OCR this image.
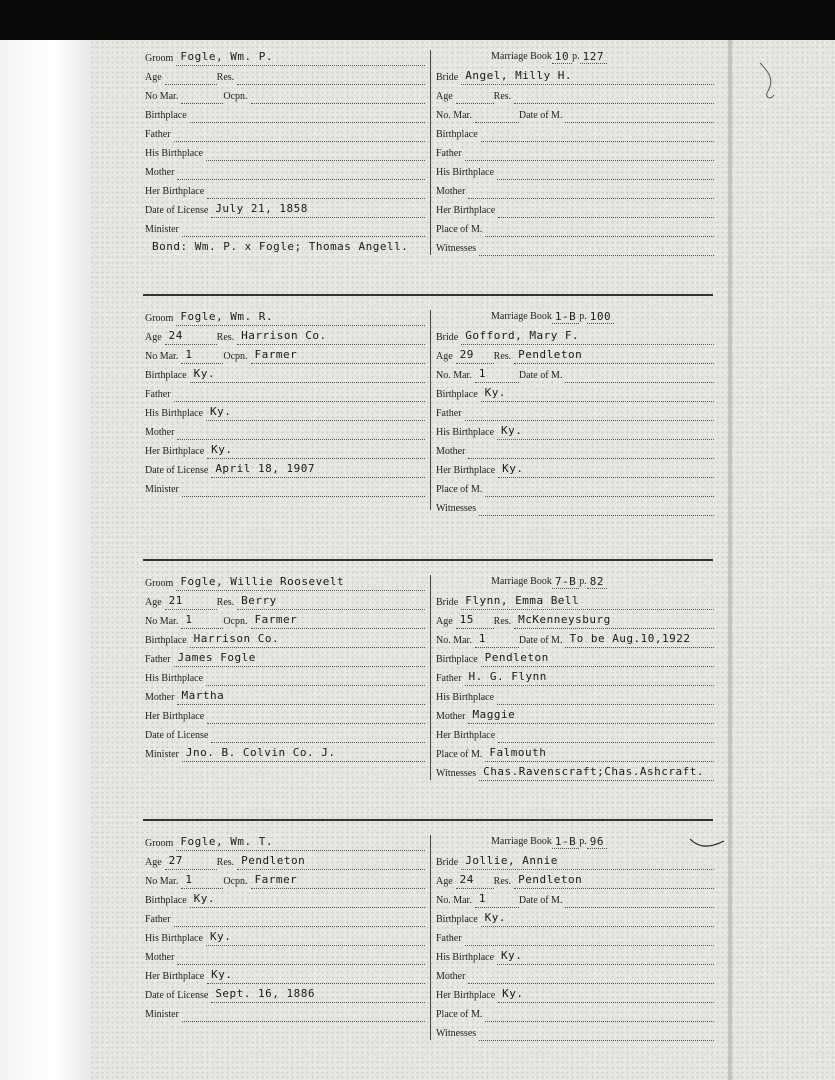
Groom Fogle, Wm. P.
Age	Res.
No Mar.	Ocpn.
Birthplace
Father
His Birthplace
Mother
Her Birthplace
Date of License July 21, 1858
Minister
Marriage Book 10 p. 127
Bride Angel, Milly H.
Age	Res.
No. Mar.	Date of M.
Birthplace
Father
His Birthplace
Mother
Her Birthplace
Place of M.
Witnesses
Bond: Wm. P. x Fogle; Thomas Angell.
Groom Fogle, Wm. R.
Age 24	Res. Harrison Co.
No Mar. 1	Ocpn. Farmer
Birthplace Ky.
Father
His Birthplace Ky.
Mother
Her Birthplace Ky.
Date of License April 18, 1907
Minister
Marriage Book 1-B p. 100
Bride Gofford, Mary F.
Age 29	Res. Pendleton
No. Mar. 1	Date of M.
Birthplace Ky.
Father
His Birthplace Ky.
Mother
Her Birthplace Ky.
Place of M.
Witnesses
Groom Fogle, Willie Roosevelt
Age 21	Res. Berry
No Mar. 1	Ocpn. Farmer
Birthplace Harrison Co.
Father James Fogle
His Birthplace
Mother Martha
Her Birthplace
Date of License
Minister Jno. B. Colvin Co. J.
Marriage Book 7-B p. 82
Bride Flynn, Emma Bell
Age 15	Res. McKenneysburg
No. Mar. 1	Date of M. To be Aug.10,1922
Birthplace Pendleton
Father H. G. Flynn
His Birthplace
Mother Maggie
Her Birthplace
Place of M. Falmouth
Witnesses Chas.Ravenscraft;Chas.Ashcraft.
Groom Fogle, Wm. T.
Age 27	Res. Pendleton
No Mar. 1	Ocpn. Farmer
Birthplace Ky.
Father
His Birthplace Ky.
Mother
Her Birthplace Ky.
Date of License Sept. 16, 1886
Minister
Marriage Book 1-B p. 96
Bride Jollie, Annie
Age 24	Res. Pendleton
No. Mar. 1	Date of M.
Birthplace Ky.
Father
His Birthplace Ky.
Mother
Her Birthplace Ky.
Place of M.
Witnesses
